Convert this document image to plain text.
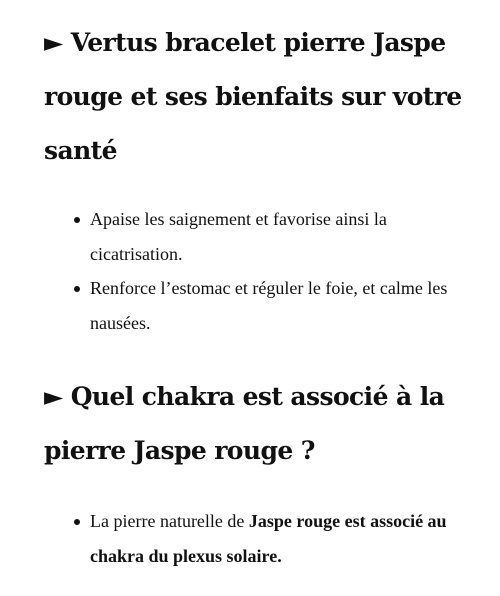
► Vertus bracelet pierre Jaspe rouge et ses bienfaits sur votre santé
Apaise les saignement et favorise ainsi la cicatrisation.
Renforce l’estomac et réguler le foie, et calme les nausées.
► Quel chakra est associé à la pierre Jaspe rouge ?
La pierre naturelle de Jaspe rouge est associé au chakra du plexus solaire.
